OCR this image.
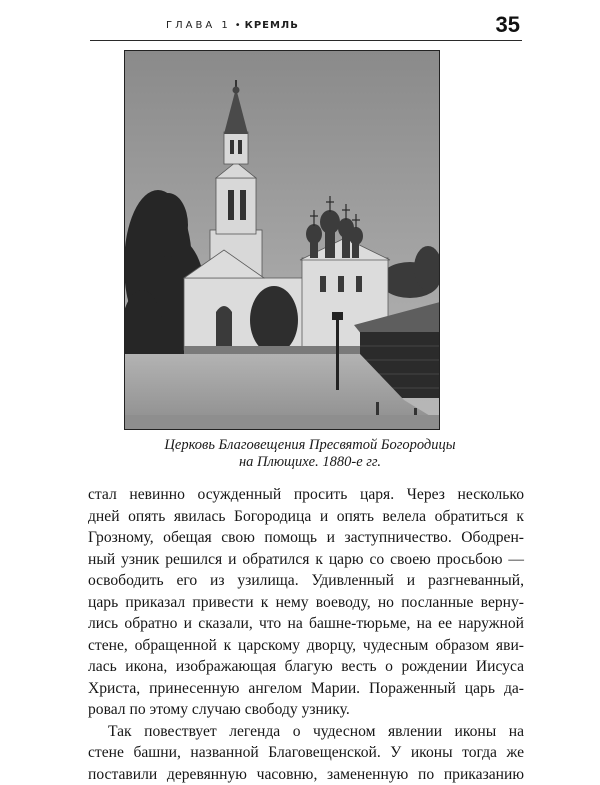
ГЛАВА 1 • КРЕМЛЬ	35
Церковь Благовещения Пресвятой Богородицы
на Плющихе. 1880-е гг.
стал невинно осужденный просить царя. Через несколько
дней опять явилась Богородица и опять велела обратиться к
Грозному, обещая свою помощь и заступничество. Ободрен-
ный узник решился и обратился к царю со своею просьбою —
освободить его из узилища. Удивленный и разгневанный,
царь приказал привести к нему воеводу, но посланные верну-
лись обратно и сказали, что на башне-тюрьме, на ее наружной
стене, обращенной к царскому дворцу, чудесным образом яви-
лась икона, изображающая благую весть о рождении Иисуса
Христа, принесенную ангелом Марии. Пораженный царь да-
ровал по этому случаю свободу узнику.
Так повествует легенда о чудесном явлении иконы на
стене башни, названной Благовещенской. У иконы тогда же
поставили деревянную часовню, замененную по приказанию
